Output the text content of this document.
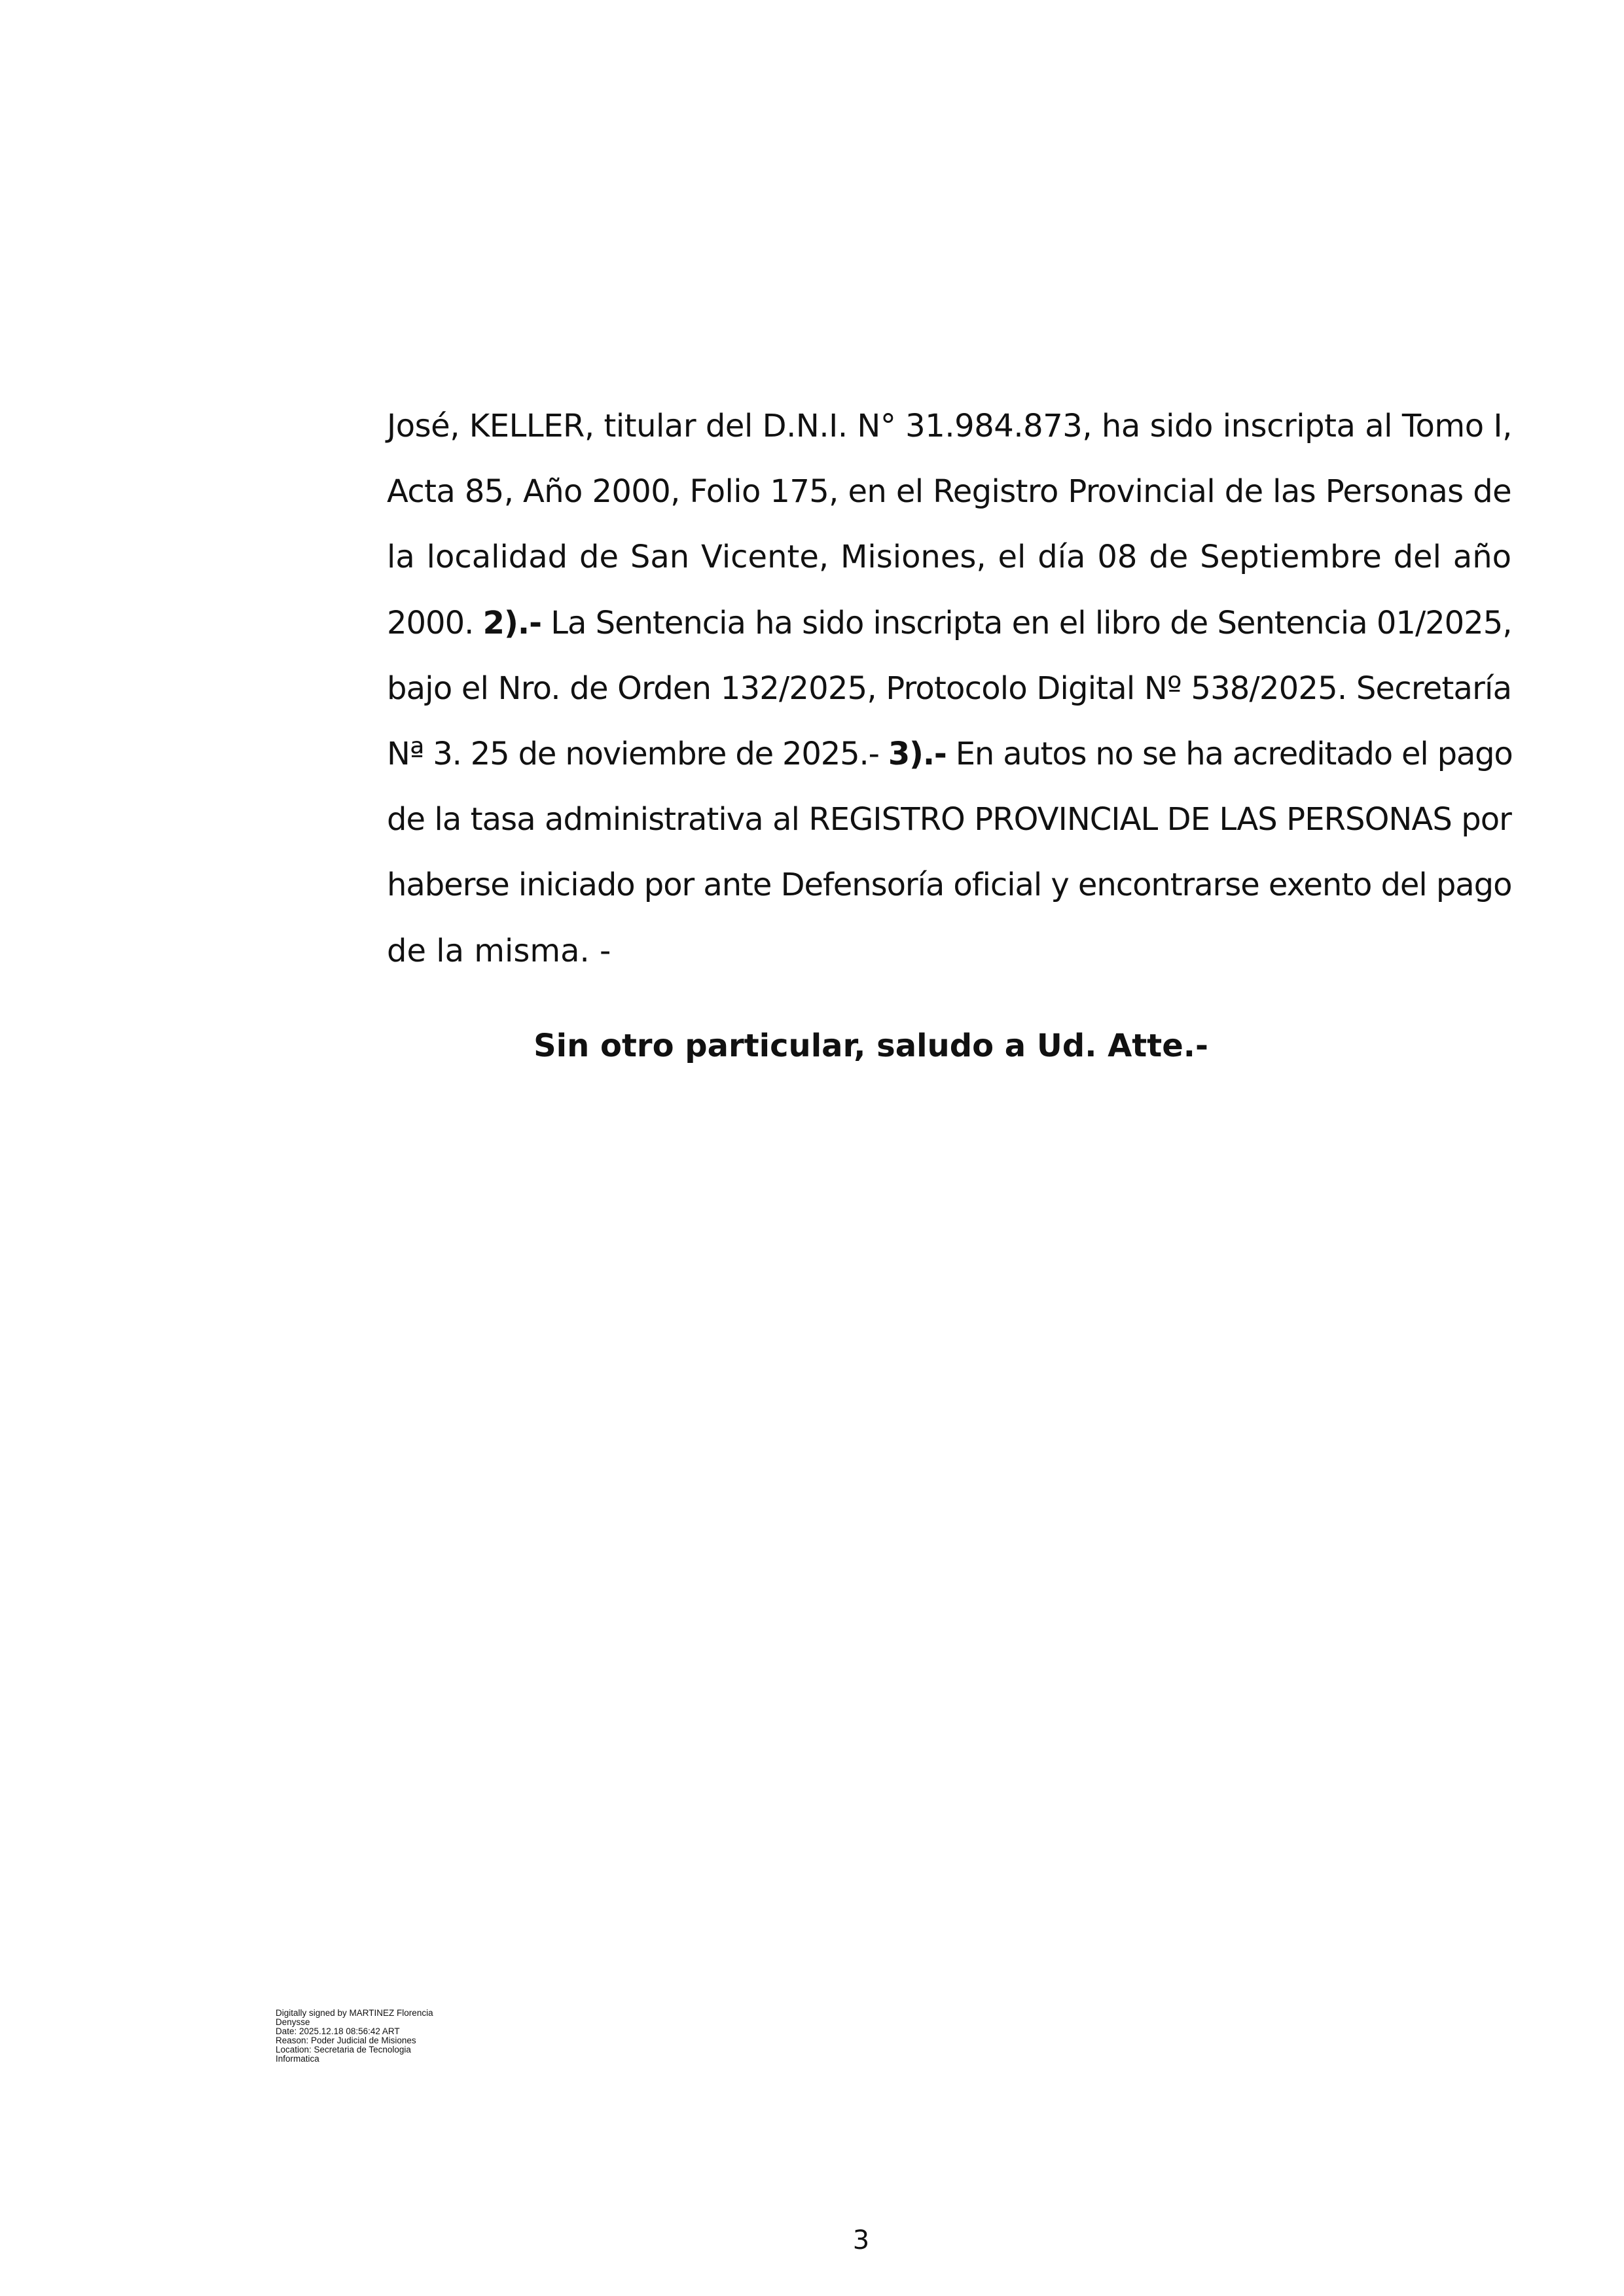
José, KELLER, titular del D.N.I. N° 31.984.873, ha sido inscripta al Tomo I,
Acta 85, Año 2000, Folio 175, en el Registro Provincial de las Personas de
la localidad de San Vicente, Misiones, el día 08 de Septiembre del año
2000. 2).- La Sentencia ha sido inscripta en el libro de Sentencia 01/2025,
bajo el Nro. de Orden 132/2025, Protocolo Digital Nº 538/2025. Secretaría
Nª 3. 25 de noviembre de 2025.- 3).- En autos no se ha acreditado el pago
de la tasa administrativa al REGISTRO PROVINCIAL DE LAS PERSONAS por
haberse iniciado por ante Defensoría oficial y encontrarse exento del pago
de la misma. -
Sin otro particular, saludo a Ud. Atte.-
Digitally signed by MARTINEZ Florencia
Denysse
Date: 2025.12.18 08:56:42 ART
Reason: Poder Judicial de Misiones
Location: Secretaria de Tecnologia
Informatica
3
